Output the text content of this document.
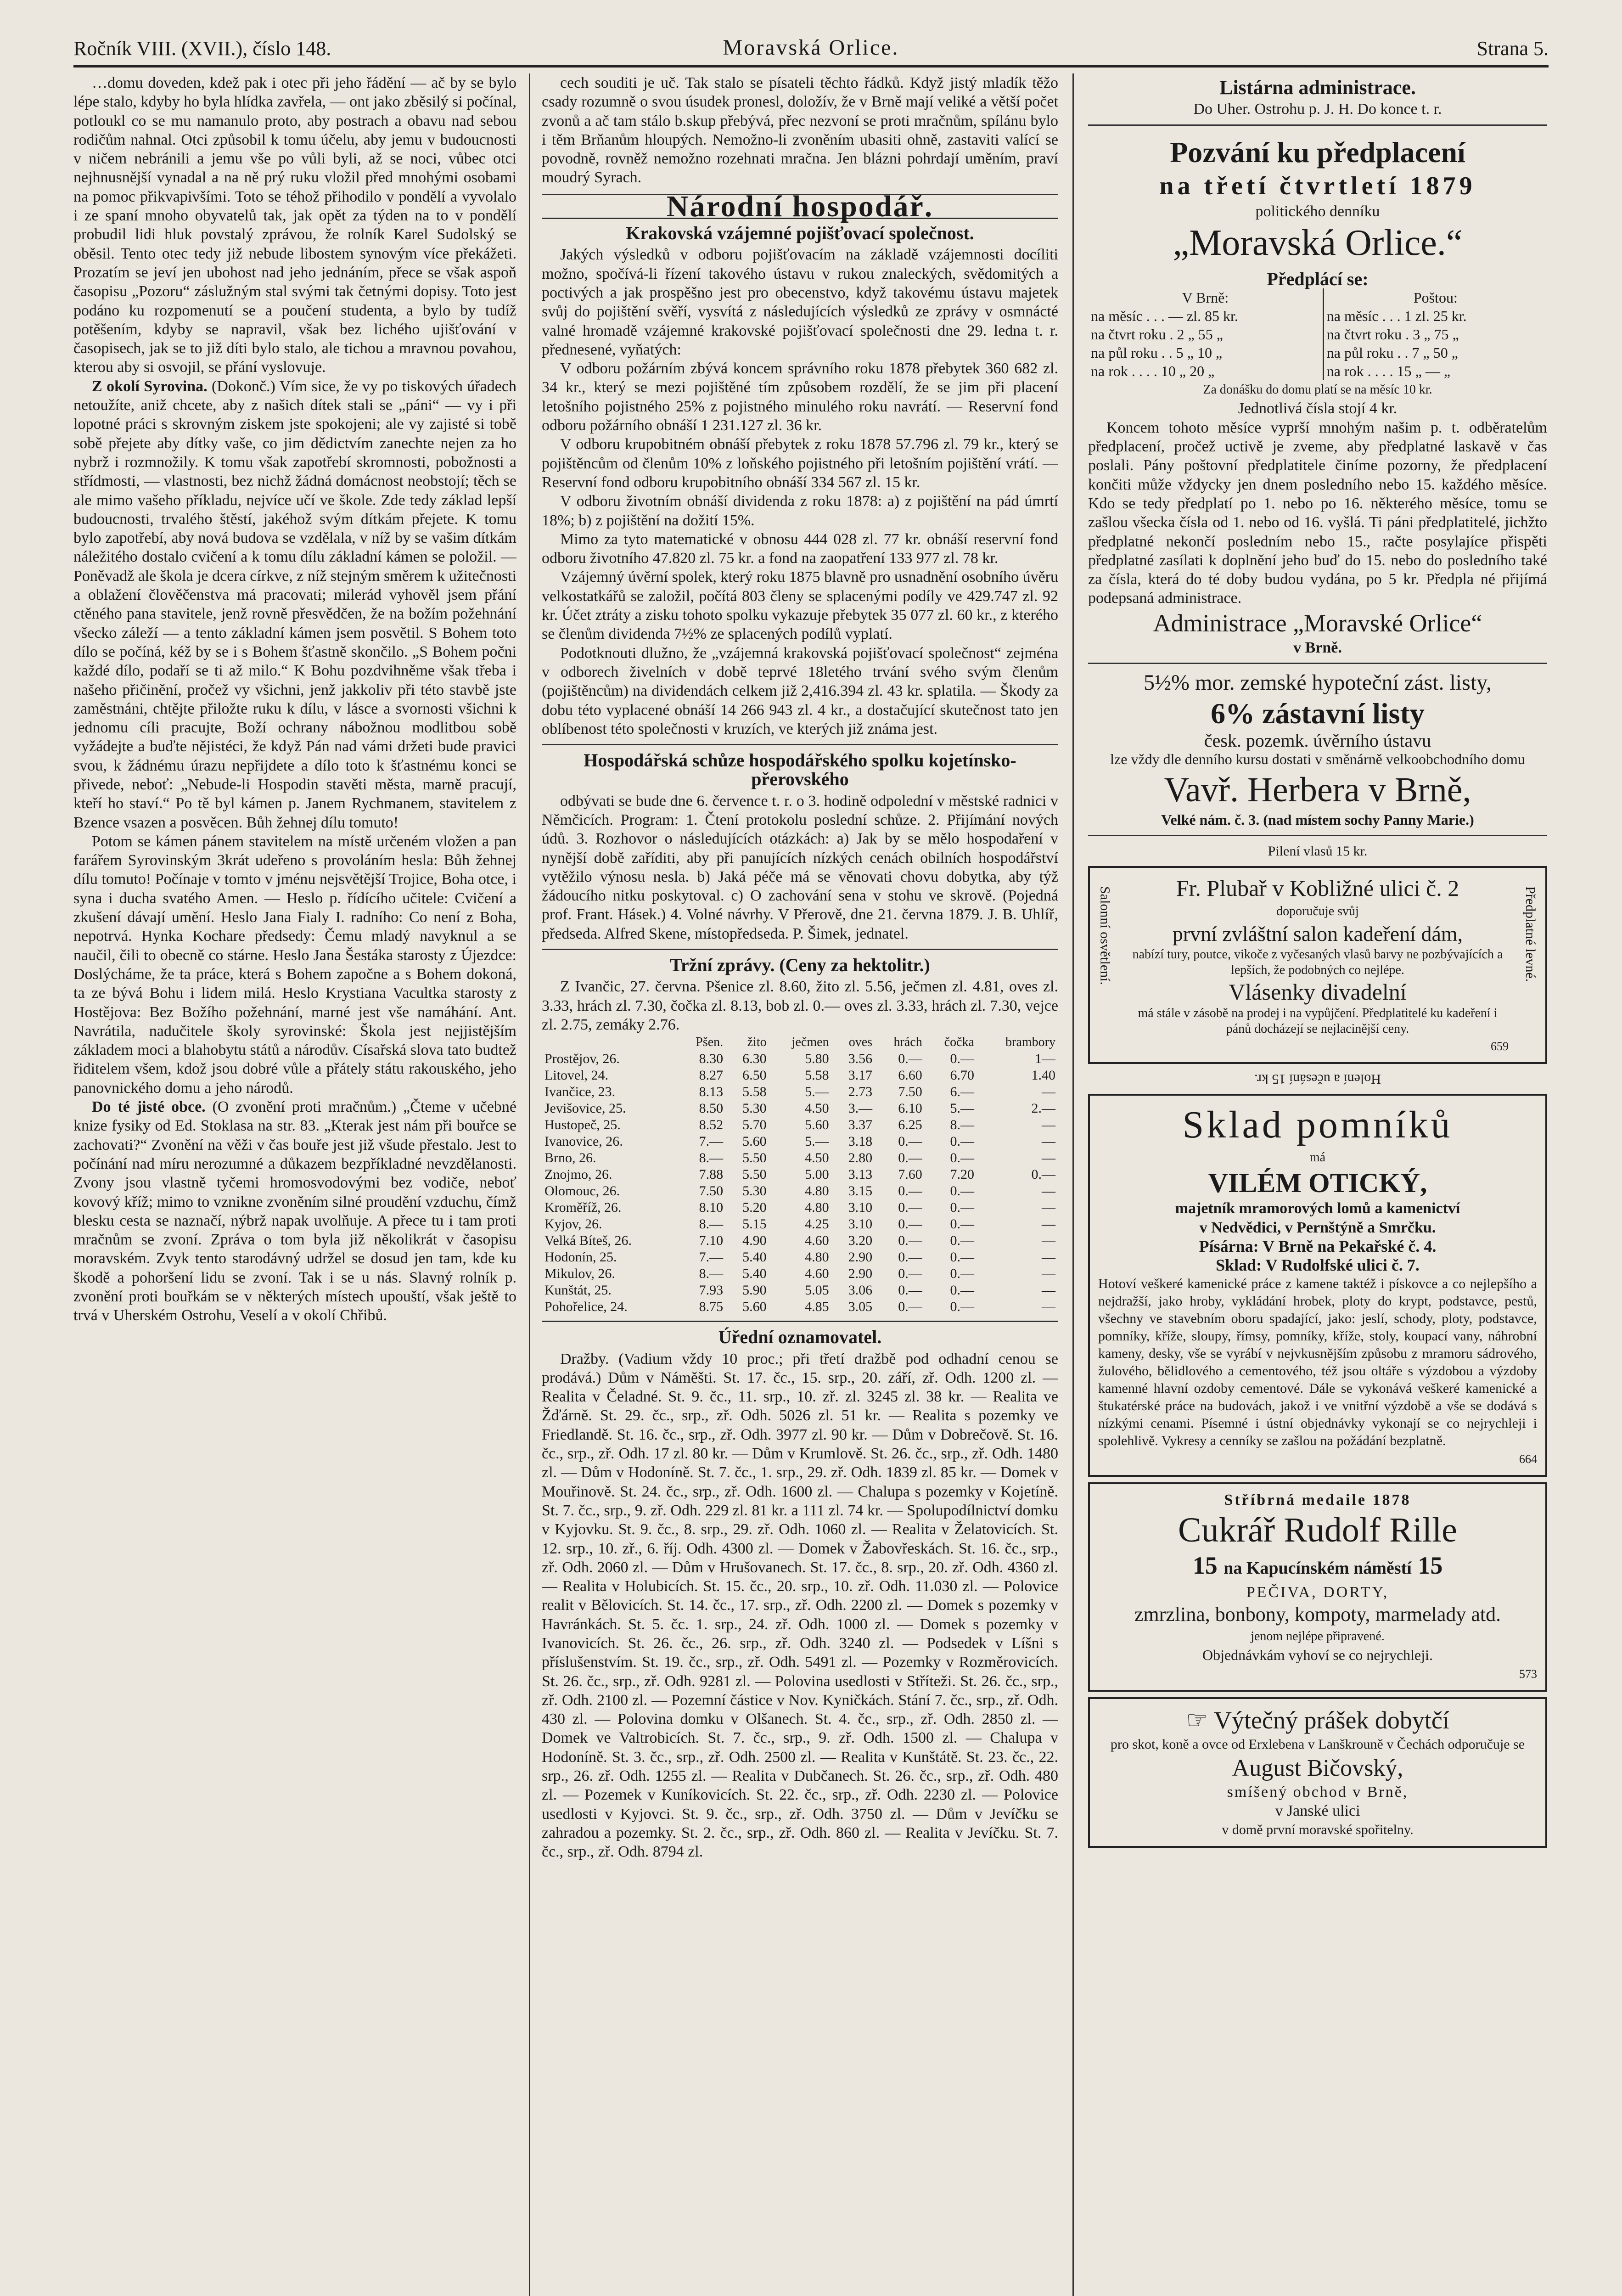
Ročník VIII. (XVII.), číslo 148.	Moravská Orlice.	Strana 5.

…domu doveden, kdež pak i otec při jeho řádění — ač by se bylo lépe stalo, kdyby ho byla hlídka zavřela, — ont jako zběsilý si počínal, potloukl co se mu namanulo proto, aby postrach a obavu nad sebou rodičům nahnal. Otci způsobil k tomu účelu, aby jemu v budoucnosti v ničem nebránili a jemu vše po vůli byli, až se noci, vůbec otci nejhnusnější vynadal a na ně prý ruku vložil před mnohými osobami na pomoc přikvapivšími. Toto se téhož přihodilo v pondělí a vyvolalo i ze spaní mnoho obyvatelů tak, jak opět za týden na to v pondělí probudil lidi hluk povstalý zprávou, že rolník Karel Sudolský se oběsil. Tento otec tedy již nebude libostem synovým více překážeti. Prozatím se jeví jen ubohost nad jeho jednáním, přece se však aspoň časopisu „Pozoru“ záslužným stal svými tak četnými dopisy. Toto jest podáno ku rozpomenutí se a poučení studenta, a bylo by tudíž potěšením, kdyby se napravil, však bez lichého ujišťování v časopisech, jak se to již díti bylo stalo, ale tichou a mravnou povahou, kterou aby si osvojil, se přání vyslovuje.

Z okolí Syrovina. (Dokonč.) Vím sice, že vy po tiskových úřadech netoužíte, aniž chcete, aby z našich dítek stali se „páni“ — vy i při lopotné práci s skrovným ziskem jste spokojeni; ale vy zajisté si tobě sobě přejete aby dítky vaše, co jim dědictvím zanechte nejen za ho nybrž i rozmnožily. K tomu však zapotřebí skromnosti, pobožnosti a střídmosti, — vlastnosti, bez nichž žádná domácnost neobstojí; těch se ale mimo vašeho příkladu, nejvíce učí ve škole. Zde tedy základ lepší budoucnosti, trvalého štěstí, jakéhož svým dítkám přejete. K tomu bylo zapotřebí, aby nová budova se vzdělala, v níž by se vašim dítkám náležitého dostalo cvičení a k tomu dílu základní kámen se položil. — Poněvadž ale škola je dcera církve, z níž stejným směrem k užitečnosti a oblažení člověčenstva má pracovati; milerád vyhověl jsem přání ctěného pana stavitele, jenž rovně přesvědčen, že na božím požehnání všecko záleží — a tento základní kámen jsem posvětil. S Bohem toto dílo se počíná, kéž by se i s Bohem šťastně skončilo. „S Bohem počni každé dílo, podaří se ti až milo.“ K Bohu pozdvihněme však třeba i našeho přičinění, pročež vy všichni, jenž jakkoliv při této stavbě jste zaměstnáni, chtějte přiložte ruku k dílu, v lásce a svornosti všichni k jednomu cíli pracujte, Boží ochrany nábožnou modlitbou sobě vyžádejte a buďte nějistéci, že když Pán nad vámi držeti bude pravici svou, k žádnému úrazu nepřijdete a dílo toto k šťastnému konci se přivede, neboť: „Nebude-li Hospodin stavěti města, marně pracují, kteří ho staví.“ Po tě byl kámen p. Janem Rychmanem, stavitelem z Bzence vsazen a posvěcen. Bůh žehnej dílu tomuto!

Potom se kámen pánem stavitelem na místě určeném vložen a pan farářem Syrovinským 3krát udeřeno s provoláním hesla: Bůh žehnej dílu tomuto! Počínaje v tomto v jménu nejsvětější Trojice, Boha otce, i syna i ducha svatého Amen. — Heslo p. řídícího učitele: Cvičení a zkušení dávají umění. Heslo Jana Fialy I. radního: Co není z Boha, nepotrvá. Hynka Kochare předsedy: Čemu mladý navyknul a se naučil, čili to obecně co stárne. Heslo Jana Šestáka starosty z Újezdce: Doslýcháme, že ta práce, která s Bohem započne a s Bohem dokoná, ta ze bývá Bohu i lidem milá. Heslo Krystiana Vacultka starosty z Hostějova: Bez Božího požehnání, marné jest vše namáhání. Ant. Navrátila, nadučitele školy syrovinské: Škola jest nejjistějším základem moci a blahobytu států a národův. Císařská slova tato budtež řiditelem všem, kdož jsou dobré vůle a přátely státu rakouského, jeho panovnického domu a jeho národů.

Do té jisté obce. (O zvonění proti mračnům.) „Čteme v učebné knize fysiky od Ed. Stoklasa na str. 83. „Kterak jest nám při bouřce se zachovati?“ Zvonění na věži v čas bouře jest již všude přestalo. Jest to počínání nad míru nerozumné a důkazem bezpříkladné nevzdělanosti. Zvony jsou vlastně tyčemi hromosvodovými bez vodiče, neboť kovový kříž; mimo to vznikne zvoněním silné proudění vzduchu, čímž blesku cesta se naznačí, nýbrž napak uvolňuje. A přece tu i tam proti mračnům se zvoní. Zpráva o tom byla již několikrát v časopisu moravském. Zvyk tento starodávný udržel se dosud jen tam, kde ku škodě a pohoršení lidu se zvoní. Tak i se u nás. Slavný rolník p. zvonění proti bouřkám se v některých místech upouští, však ještě to trvá v Uherském Ostrohu, Veselí a v okolí Chřibů.

cech souditi je uč. Tak stalo se písateli těchto řádků. Když jistý mladík těžo csady rozumně o svou úsudek pronesl, doložív, že v Brně mají veliké a větší počet zvonů a ač tam stálo b.skup přebývá, přec nezvoní se proti mračnům, spílánu bylo i těm Brňanům hloupých. Nemožno-li zvoněním ubasiti ohně, zastaviti valící se povodně, rovněž nemožno rozehnati mračna. Jen blázni pohrdají uměním, praví moudrý Syrach.

Národní hospodář.
Krakovská vzájemné pojišťovací společnost.

Jakých výsledků v odboru pojišťovacím na základě vzájemnosti docíliti možno, spočívá-li řízení takového ústavu v rukou znaleckých, svědomitých a poctivých a jak prospěšno jest pro obecenstvo, když takovému ústavu majetek svůj do pojištění svěří, vysvítá z následujících výsledků ze zprávy v osmnácté valné hromadě vzájemné krakovské pojišťovací společnosti dne 29. ledna t. r. přednesené, vyňatých:

V odboru požárním zbývá koncem správního roku 1878 přebytek 360 682 zl. 34 kr., který se mezi pojištěné tím způsobem rozdělí, že se jim při placení letošního pojistného 25% z pojistného minulého roku navrátí. — Reservní fond odboru požárního obnáší 1 231.127 zl. 36 kr.

V odboru krupobitném obnáší přebytek z roku 1878 57.796 zl. 79 kr., který se pojištěncům od členům 10% z loňského pojistného při letošním pojištění vrátí. — Reservní fond odboru krupobitního obnáší 334 567 zl. 15 kr.

V odboru životním obnáší dividenda z roku 1878: a) z pojištění na pád úmrtí 18%; b) z pojištění na dožití 15%.

Mimo za tyto matematické v obnosu 444 028 zl. 77 kr. obnáší reservní fond odboru životního 47.820 zl. 75 kr. a fond na zaopatření 133 977 zl. 78 kr.

Vzájemný úvěrní spolek, který roku 1875 blavně pro usnadnění osobního úvěru velkostatkářů se založil, počítá 803 členy se splacenými podíly ve 429.747 zl. 92 kr. Účet ztráty a zisku tohoto spolku vykazuje přebytek 35 077 zl. 60 kr., z kterého se členům dividenda 7½% ze splacených podílů vyplatí.

Podotknouti dlužno, že „vzájemná krakovská pojišťovací společnost“ zejména v odborech živelních v době teprvé 18letého trvání svého svým členům (pojištěncům) na dividendách celkem již 2,416.394 zl. 43 kr. splatila. — Škody za dobu této vyplacené obnáší 14 266 943 zl. 4 kr., a dostačující skutečnost tato jen oblíbenost této společnosti v kruzích, ve kterých již známa jest.

Hospodářská schůze hospodářského spolku kojetínsko-přerovského

odbývati se bude dne 6. července t. r. o 3. hodině odpolední v městské radnici v Němčicích. Program: 1. Čtení protokolu poslední schůze. 2. Přijímání nových údů. 3. Rozhovor o následujících otázkách: a) Jak by se mělo hospodaření v nynější době zaříditi, aby při panujících nízkých cenách obilních hospodářství vytěžilo výnosu nesla. b) Jaká péče má se věnovati chovu dobytka, aby týž žádoucího nitku poskytoval. c) O zachování sena v stohu ve skrově. (Pojedná prof. Frant. Hásek.) 4. Volné návrhy. V Přerově, dne 21. června 1879. J. B. Uhlíř, předseda. Alfred Skene, místopředseda. P. Šimek, jednatel.

Tržní zprávy. (Ceny za hektolitr.)

Z Ivančic, 27. června. Pšenice zl. 8.60, žito zl. 5.56, ječmen zl. 4.81, oves zl. 3.33, hrách zl. 7.30, čočka zl. 8.13, bob zl. 0.— oves zl. 3.33, hrách zl. 7.30, vejce zl. 2.75, zemáky 2.76.

	Pšen.	žito	ječmen	oves	hrách	čočka	brambory
Prostějov, 26.	8.30	6.30	5.80	3.56	0.—	0.—	1—
Litovel, 24.	8.27	6.50	5.58	3.17	6.60	6.70	1.40
Ivančice, 23.	8.13	5.58	5.—	2.73	7.50	6.—	—
Jevišovice, 25.	8.50	5.30	4.50	3.—	6.10	5.—	2.—
Hustopeč, 25.	8.52	5.70	5.60	3.37	6.25	8.—	—
Ivanovice, 26.	7.—	5.60	5.—	3.18	0.—	0.—	—
Brno, 26.	8.—	5.50	4.50	2.80	0.—	0.—	—
Znojmo, 26.	7.88	5.50	5.00	3.13	7.60	7.20	0.—
Olomouc, 26.	7.50	5.30	4.80	3.15	0.—	0.—	—
Kroměříž, 26.	8.10	5.20	4.80	3.10	0.—	0.—	—
Kyjov, 26.	8.—	5.15	4.25	3.10	0.—	0.—	—
Velká Bíteš, 26.	7.10	4.90	4.60	3.20	0.—	0.—	—
Hodonín, 25.	7.—	5.40	4.80	2.90	0.—	0.—	—
Mikulov, 26.	8.—	5.40	4.60	2.90	0.—	0.—	—
Kunštát, 25.	7.93	5.90	5.05	3.06	0.—	0.—	—
Pohořelice, 24.	8.75	5.60	4.85	3.05	0.—	0.—	—
Úřední oznamovatel.

Dražby. (Vadium vždy 10 proc.; při třetí dražbě pod odhadní cenou se prodává.) Dům v Náměšti. St. 17. čc., 15. srp., 20. září, zř. Odh. 1200 zl. — Realita v Čeladné. St. 9. čc., 11. srp., 10. zř. zl. 3245 zl. 38 kr. — Realita ve Žďárně. St. 29. čc., srp., zř. Odh. 5026 zl. 51 kr. — Realita s pozemky ve Friedlandě. St. 16. čc., srp., zř. Odh. 3977 zl. 90 kr. — Dům v Dobrečově. St. 16. čc., srp., zř. Odh. 17 zl. 80 kr. — Dům v Krumlově. St. 26. čc., srp., zř. Odh. 1480 zl. — Dům v Hodoníně. St. 7. čc., 1. srp., 29. zř. Odh. 1839 zl. 85 kr. — Domek v Mouřinově. St. 24. čc., srp., zř. Odh. 1600 zl. — Chalupa s pozemky v Kojetíně. St. 7. čc., srp., 9. zř. Odh. 229 zl. 81 kr. a 111 zl. 74 kr. — Spolupodílnictví domku v Kyjovku. St. 9. čc., 8. srp., 29. zř. Odh. 1060 zl. — Realita v Želatovicích. St. 12. srp., 10. zř., 6. říj. Odh. 4300 zl. — Domek v Žabovřeskách. St. 16. čc., srp., zř. Odh. 2060 zl. — Dům v Hrušovanech. St. 17. čc., 8. srp., 20. zř. Odh. 4360 zl. — Realita v Holubicích. St. 15. čc., 20. srp., 10. zř. Odh. 11.030 zl. — Polovice realit v Bělovicích. St. 14. čc., 17. srp., zř. Odh. 2200 zl. — Domek s pozemky v Havránkách. St. 5. čc. 1. srp., 24. zř. Odh. 1000 zl. — Domek s pozemky v Ivanovicích. St. 26. čc., 26. srp., zř. Odh. 3240 zl. — Podsedek v Líšni s příslušenstvím. St. 19. čc., srp., zř. Odh. 5491 zl. — Pozemky v Rozměrovicích. St. 26. čc., srp., zř. Odh. 9281 zl. — Polovina usedlosti v Stříteži. St. 26. čc., srp., zř. Odh. 2100 zl. — Pozemní částice v Nov. Kyničkách. Stání 7. čc., srp., zř. Odh. 430 zl. — Polovina domku v Olšanech. St. 4. čc., srp., zř. Odh. 2850 zl. — Domek ve Valtrobicích. St. 7. čc., srp., 9. zř. Odh. 1500 zl. — Chalupa v Hodoníně. St. 3. čc., srp., zř. Odh. 2500 zl. — Realita v Kunštátě. St. 23. čc., 22. srp., 26. zř. Odh. 1255 zl. — Realita v Dubčanech. St. 26. čc., srp., zř. Odh. 480 zl. — Pozemek v Kuníkovicích. St. 22. čc., srp., zř. Odh. 2230 zl. — Polovice usedlosti v Kyjovci. St. 9. čc., srp., zř. Odh. 3750 zl. — Dům v Jevíčku se zahradou a pozemky. St. 2. čc., srp., zř. Odh. 860 zl. — Realita v Jevíčku. St. 7. čc., srp., zř. Odh. 8794 zl.

Listárna administrace.
Do Uher. Ostrohu p. J. H. Do konce t. r.
Pozvání ku předplacení
na třetí čtvrtletí 1879
politického denníku
„Moravská Orlice.“
Předplácí se:
V Brně:	Poštou:
na měsíc . . . — zl. 85 kr.	na měsíc . . . 1 zl. 25 kr.
na čtvrt roku . 2 „ 55 „	na čtvrt roku . 3 „ 75 „
na půl roku . . 5 „ 10 „	na půl roku . . 7 „ 50 „
na rok . . . . 10 „ 20 „	na rok . . . . 15 „ — „
Za donášku do domu platí se na měsíc 10 kr.
Jednotlivá čísla stojí 4 kr.

Koncem tohoto měsíce vyprší mnohým našim p. t. odběratelům předplacení, pročež uctivě je zveme, aby předplatné laskavě v čas poslali. Pány poštovní předplatitele činíme pozorny, že předplacení končiti může vždycky jen dnem posledního nebo 15. každého měsíce. Kdo se tedy předplatí po 1. nebo po 16. některého měsíce, tomu se zašlou všecka čísla od 1. nebo od 16. vyšlá. Ti páni předplatitelé, jichžto předplatné nekončí posledním nebo 15., račte posylajíce přispěti předplatné zasílati k doplnění jeho buď do 15. nebo do posledního také za čísla, která do té doby budou vydána, po 5 kr. Předpla né přijímá podepsaná administrace.

Administrace „Moravské Orlice“
v Brně.
5½% mor. zemské hypoteční zást. listy,
6% zástavní listy
česk. pozemk. úvěrního ústavu
lze vždy dle denního kursu dostati v směnárně velkoobchodního domu
Vavř. Herbera v Brně,
Velké nám. č. 3. (nad místem sochy Panny Marie.)
Pilení vlasů 15 kr.
Salonní osvětlení.	Předplatné levné.
Fr. Plubař v Kobližné ulici č. 2
doporučuje svůj
první zvláštní salon kadeření dám,
nabízí tury, poutce, vikoče z vyčesaných vlasů barvy ne pozbývajících a lepších, že podobných co nejlépe.
Vlásenky divadelní
má stále v zásobě na prodej i na vypůjčení. Předplatitelé ku kadeření i pánů docházejí se nejlacinější ceny.
659
Holení a učesání 15 kr.
Sklad pomníků
má
VILÉM OTICKÝ,
majetník mramorových lomů a kamenictví
v Nedvědici, v Pernštýně a Smrčku.
Písárna: V Brně na Pekařské č. 4.
Sklad: V Rudolfské ulici č. 7.
Hotoví veškeré kamenické práce z kamene taktéž i pískovce a co nejlepšího a nejdražší, jako hroby, vykládání hrobek, ploty do krypt, podstavce, pestů, všechny ve stavebním oboru spadající, jako: jeslí, schody, ploty, podstavce, pomníky, kříže, sloupy, římsy, pomníky, kříže, stoly, koupací vany, náhrobní kameny, desky, vše se vyrábí v nejvkusnějším způsobu z mramoru sádrového, žulového, bělidlového a cementového, též jsou oltáře s výzdobou a výzdoby kamenné hlavní ozdoby cementové. Dále se vykonává veškeré kamenické a štukatérské práce na budovách, jakož i ve vnitřní výzdobě a vše se dodává s nízkými cenami. Písemné i ústní objednávky vykonají se co nejrychleji i spolehlivě. Vykresy a cenníky se zašlou na požádání bezplatně.
664
Stříbrná medaile 1878
Cukrář Rudolf Rille
15 na Kapucínském náměstí 15
PEČIVA, DORTY,
zmrzlina, bonbony, kompoty, marmelady atd.
jenom nejlépe připravené.
Objednávkám vyhoví se co nejrychleji.
573
☞ Výtečný prášek dobytčí
pro skot, koně a ovce od Erxlebena v Lanškrouně v Čechách odporučuje se
August Bičovský,
smíšený obchod v Brně,
v Janské ulici
v domě první moravské spořitelny.
